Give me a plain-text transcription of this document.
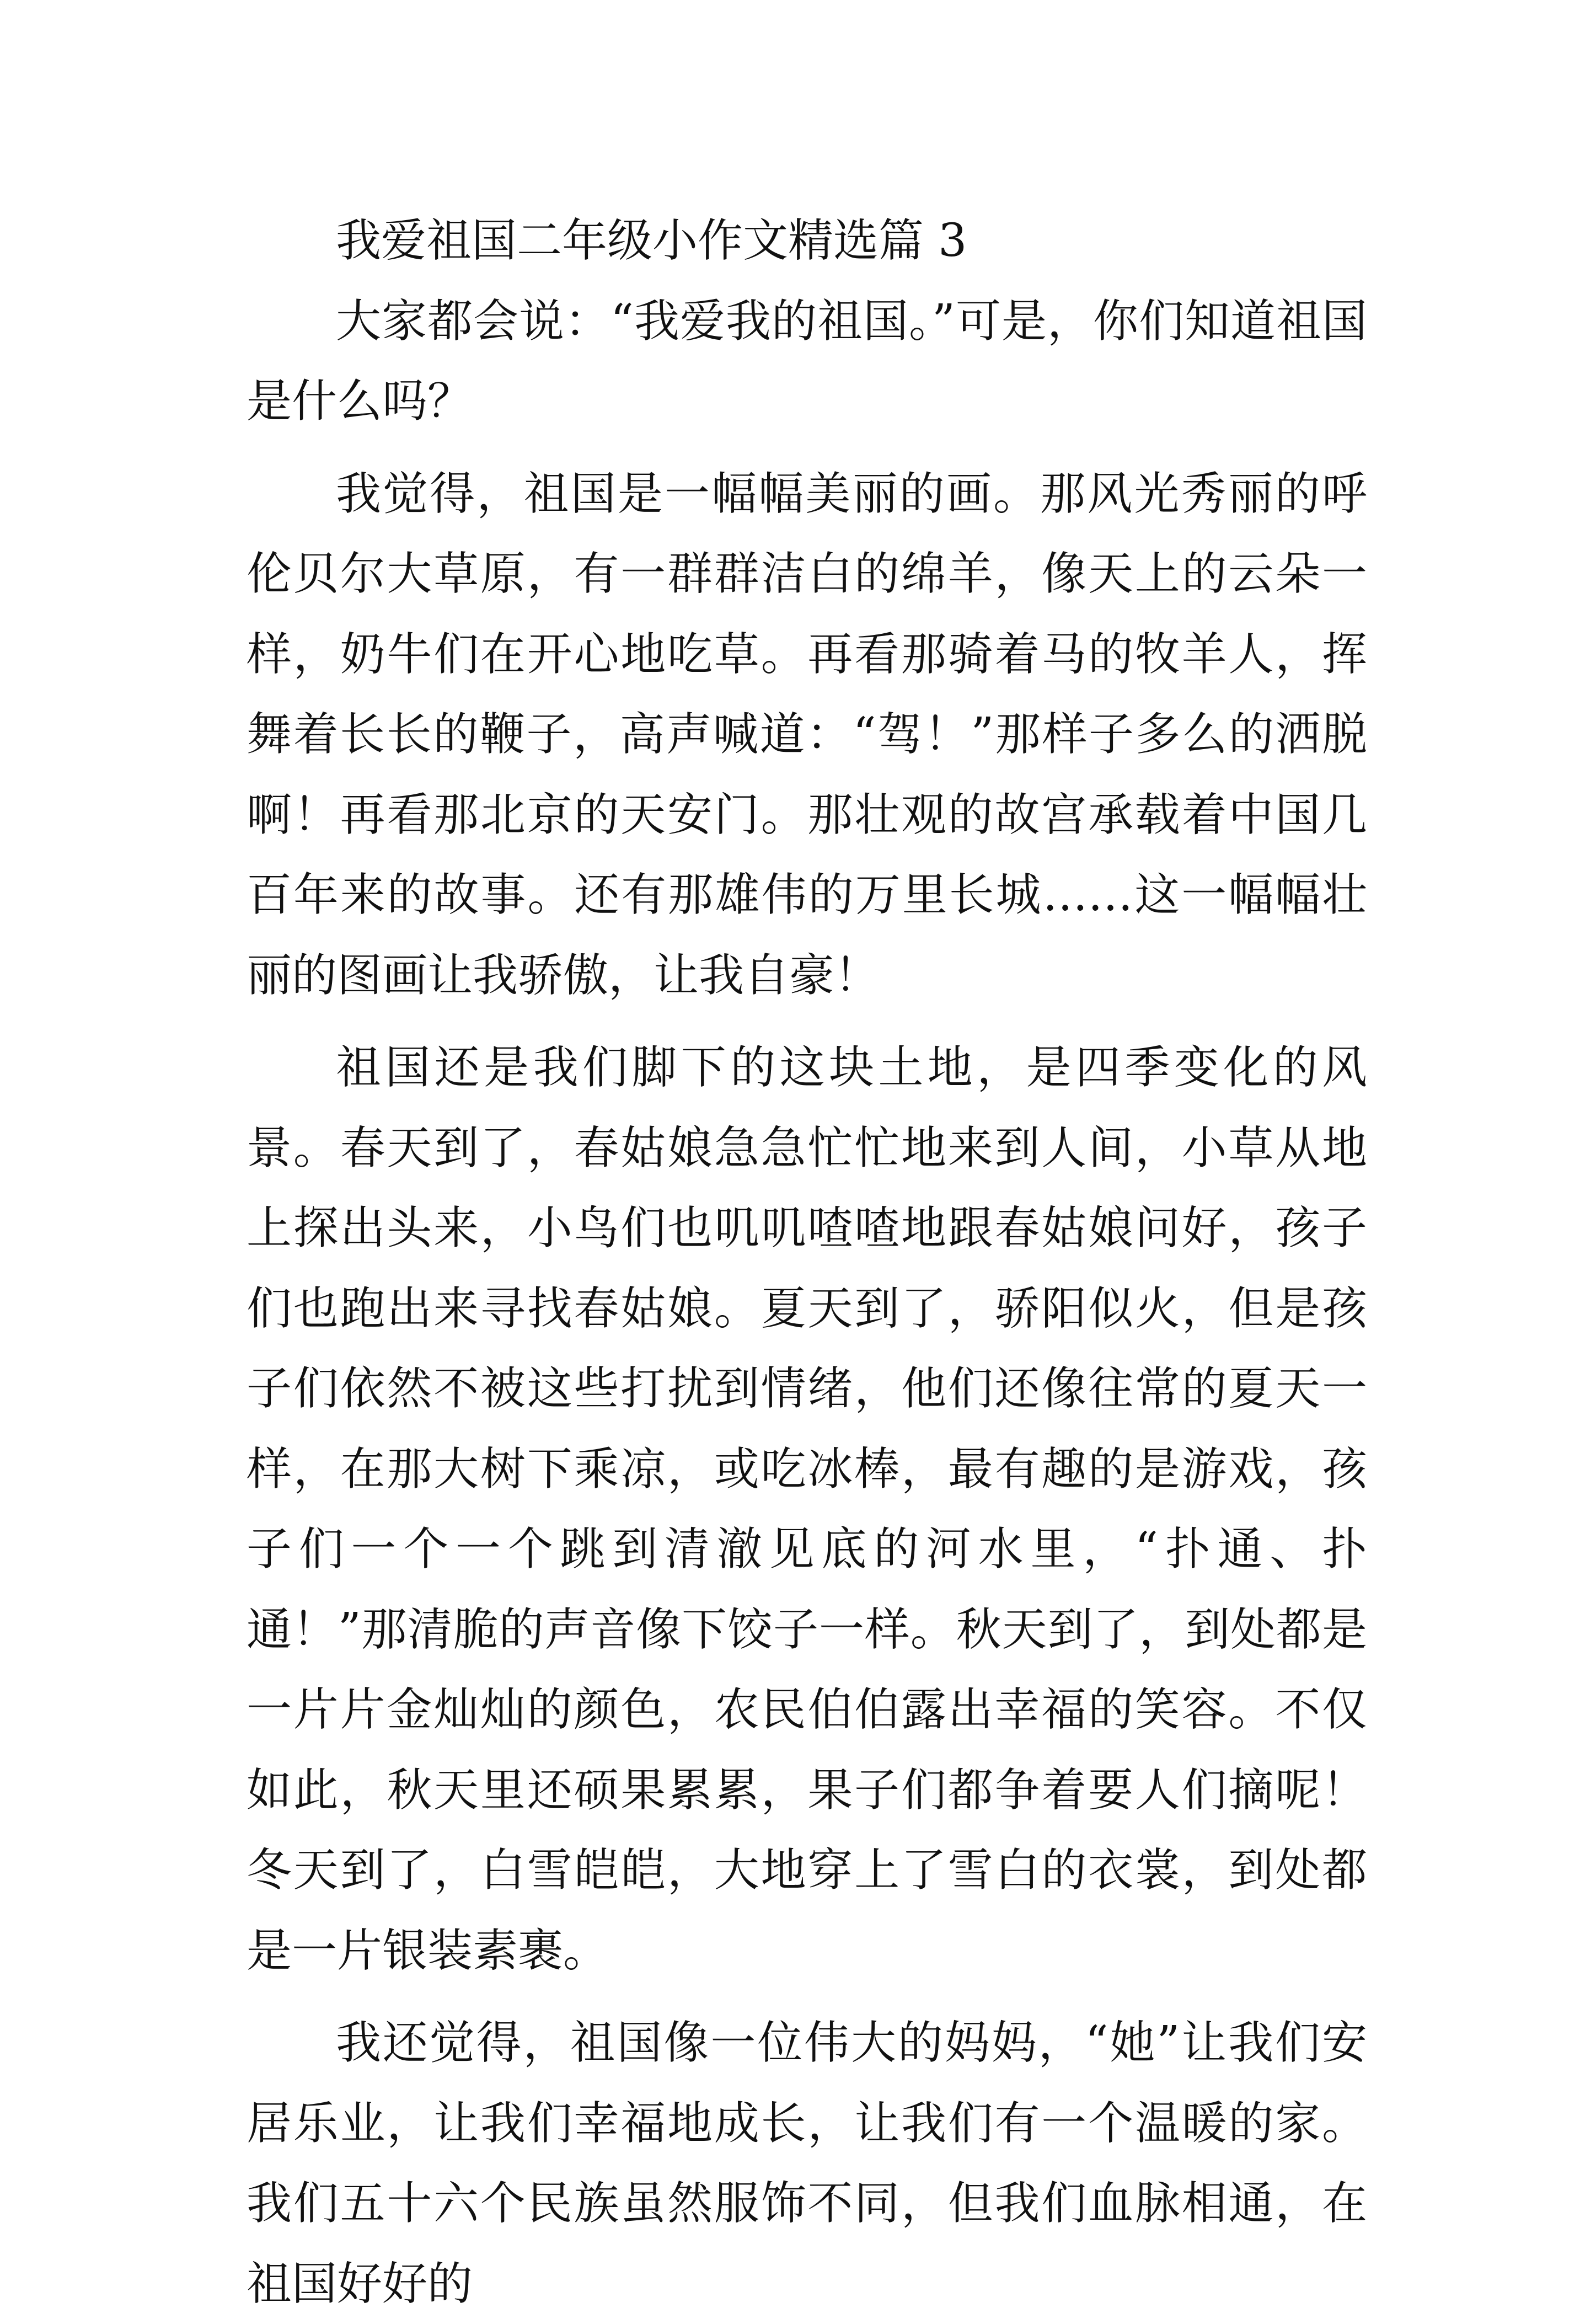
我爱祖国二年级小作文精选篇 3

大家都会说：“我爱我的祖国。”可是，你们知道祖国是什么吗？

我觉得，祖国是一幅幅美丽的画。那风光秀丽的呼伦贝尔大草原，有一群群洁白的绵羊，像天上的云朵一样，奶牛们在开心地吃草。再看那骑着马的牧羊人，挥舞着长长的鞭子，高声喊道：“驾！”那样子多么的洒脱啊！再看那北京的天安门。那壮观的故宫承载着中国几百年来的故事。还有那雄伟的万里长城……这一幅幅壮丽的图画让我骄傲，让我自豪！

祖国还是我们脚下的这块土地，是四季变化的风景。春天到了，春姑娘急急忙忙地来到人间，小草从地上探出头来，小鸟们也叽叽喳喳地跟春姑娘问好，孩子们也跑出来寻找春姑娘。夏天到了，骄阳似火，但是孩子们依然不被这些打扰到情绪，他们还像往常的夏天一样，在那大树下乘凉，或吃冰棒，最有趣的是游戏，孩子们一个一个跳到清澈见底的河水里，“扑通、扑通！”那清脆的声音像下饺子一样。秋天到了，到处都是一片片金灿灿的颜色，农民伯伯露出幸福的笑容。不仅如此，秋天里还硕果累累，果子们都争着要人们摘呢！冬天到了，白雪皑皑，大地穿上了雪白的衣裳，到处都是一片银装素裹。

我还觉得，祖国像一位伟大的妈妈，“她”让我们安居乐业，让我们幸福地成长，让我们有一个温暖的家。我们五十六个民族虽然服饰不同，但我们血脉相通，在祖国好好的
